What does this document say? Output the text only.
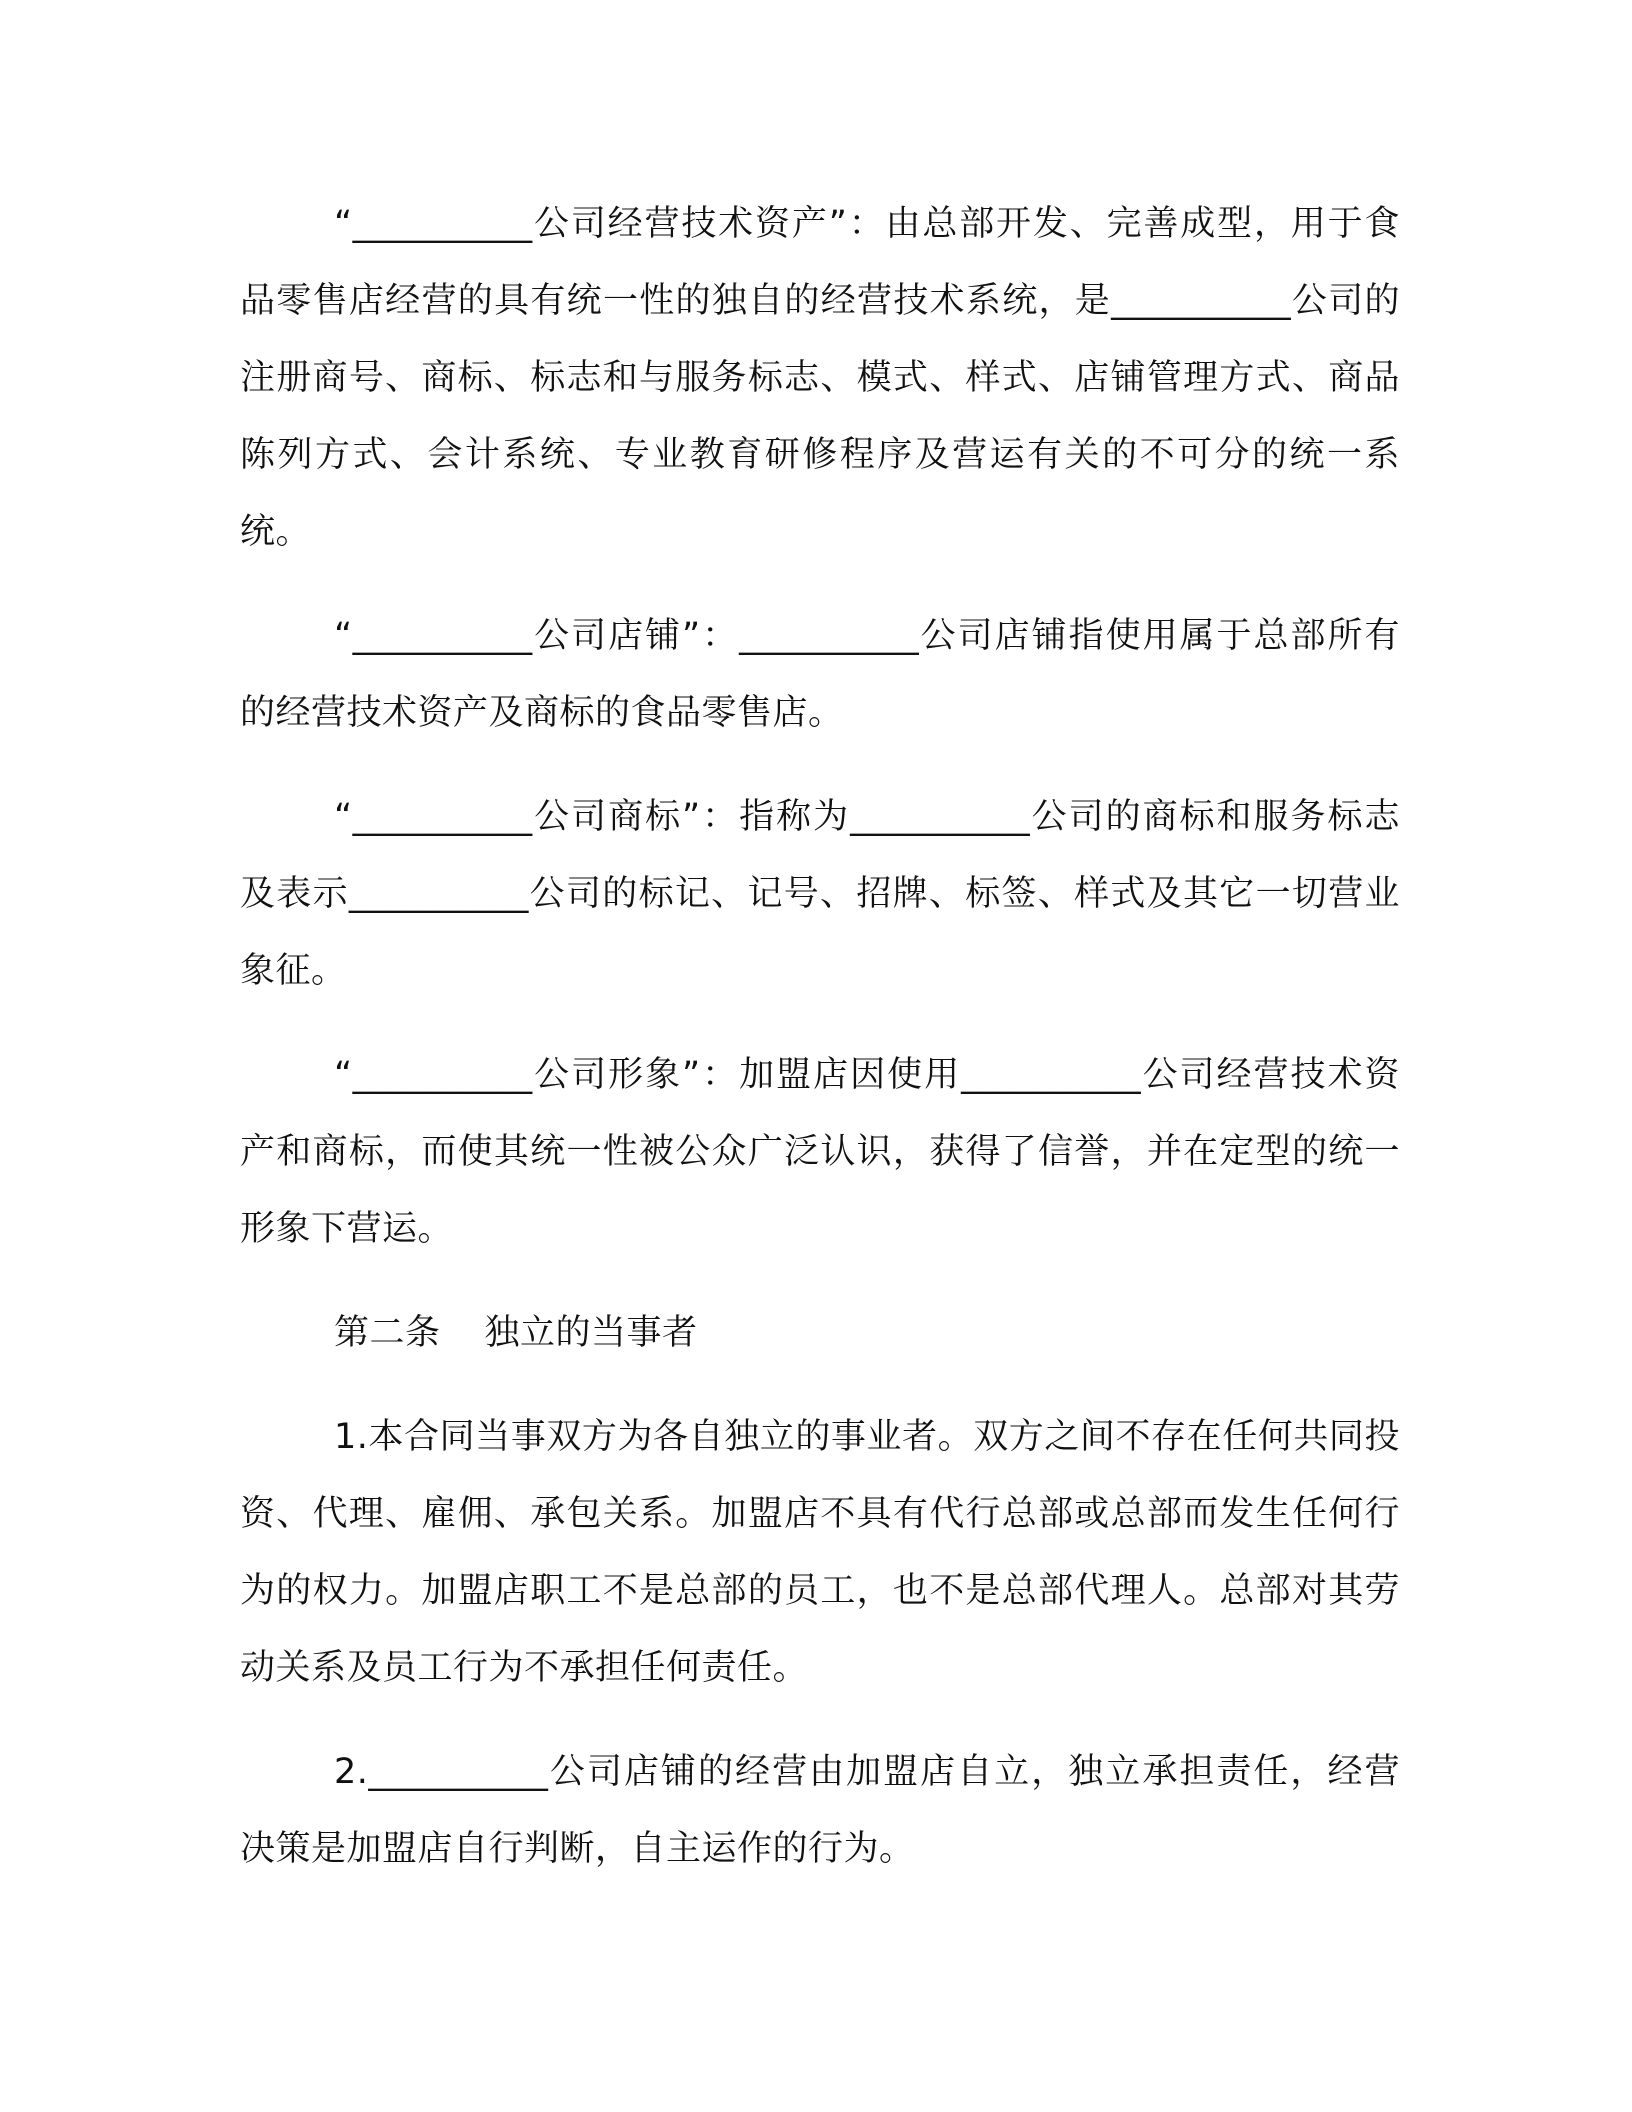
“__________公司经营技术资产”：由总部开发、完善成型，用于食品零售店经营的具有统一性的独自的经营技术系统，是__________公司的注册商号、商标、标志和与服务标志、模式、样式、店铺管理方式、商品陈列方式、会计系统、专业教育研修程序及营运有关的不可分的统一系统。

“__________公司店铺”：__________公司店铺指使用属于总部所有的经营技术资产及商标的食品零售店。

“__________公司商标”：指称为__________公司的商标和服务标志及表示__________公司的标记、记号、招牌、标签、样式及其它一切营业象征。

“__________公司形象”：加盟店因使用__________公司经营技术资产和商标，而使其统一性被公众广泛认识，获得了信誉，并在定型的统一形象下营运。

第二条 独立的当事者

1.本合同当事双方为各自独立的事业者。双方之间不存在任何共同投资、代理、雇佣、承包关系。加盟店不具有代行总部或总部而发生任何行为的权力。加盟店职工不是总部的员工，也不是总部代理人。总部对其劳动关系及员工行为不承担任何责任。

2.__________公司店铺的经营由加盟店自立，独立承担责任，经营决策是加盟店自行判断，自主运作的行为。
